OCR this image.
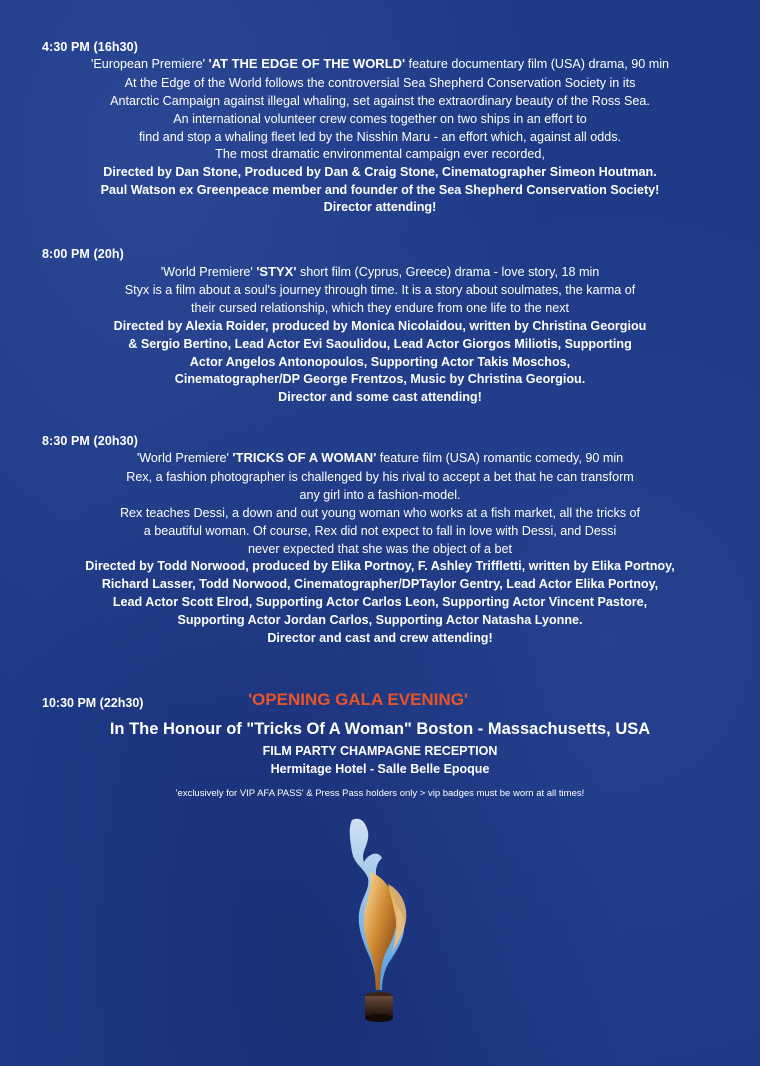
4:30 PM (16h30)
'European Premiere' 'AT THE EDGE OF THE WORLD' feature documentary film (USA) drama, 90 min
At the Edge of the World follows the controversial Sea Shepherd Conservation Society in its
Antarctic Campaign against illegal whaling, set against the extraordinary beauty of the Ross Sea.
An international volunteer crew comes together on two ships in an effort to
find and stop a whaling fleet led by the Nisshin Maru - an effort which, against all odds.
The most dramatic environmental campaign ever recorded,
Directed by Dan Stone, Produced by Dan & Craig Stone, Cinematographer Simeon Houtman.
Paul Watson ex Greenpeace member and founder of the Sea Shepherd Conservation Society!
Director attending!
8:00 PM (20h)
'World Premiere' 'STYX' short film (Cyprus, Greece) drama - love story, 18 min
Styx is a film about a soul's journey through time. It is a story about soulmates, the karma of
their cursed relationship, which they endure from one life to the next
Directed by Alexia Roider, produced by Monica Nicolaidou, written by Christina Georgiou
& Sergio Bertino, Lead Actor Evi Saoulidou, Lead Actor Giorgos Miliotis, Supporting
Actor Angelos Antonopoulos, Supporting Actor Takis Moschos,
Cinematographer/DP George Frentzos, Music by Christina Georgiou.
Director and some cast attending!
8:30 PM (20h30)
'World Premiere' 'TRICKS OF A WOMAN' feature film (USA) romantic comedy, 90 min
Rex, a fashion photographer is challenged by his rival to accept a bet that he can transform
any girl into a fashion-model.
Rex teaches Dessi, a down and out young woman who works at a fish market, all the tricks of
a beautiful woman. Of course, Rex did not expect to fall in love with Dessi, and Dessi
never expected that she was the object of a bet
Directed by Todd Norwood, produced by Elika Portnoy, F. Ashley Triffletti, written by Elika Portnoy,
Richard Lasser, Todd Norwood, Cinematographer/DPTaylor Gentry, Lead Actor Elika Portnoy,
Lead Actor Scott Elrod, Supporting Actor Carlos Leon, Supporting Actor Vincent Pastore,
Supporting Actor Jordan Carlos, Supporting Actor Natasha Lyonne.
Director and cast and crew attending!
10:30 PM (22h30)	'OPENING GALA EVENING'
In The Honour of "Tricks Of A Woman" Boston - Massachusetts, USA
FILM PARTY CHAMPAGNE RECEPTION
Hermitage Hotel - Salle Belle Epoque
'exclusively for VIP AFA PASS' & Press Pass holders only > vip badges must be worn at all times!
